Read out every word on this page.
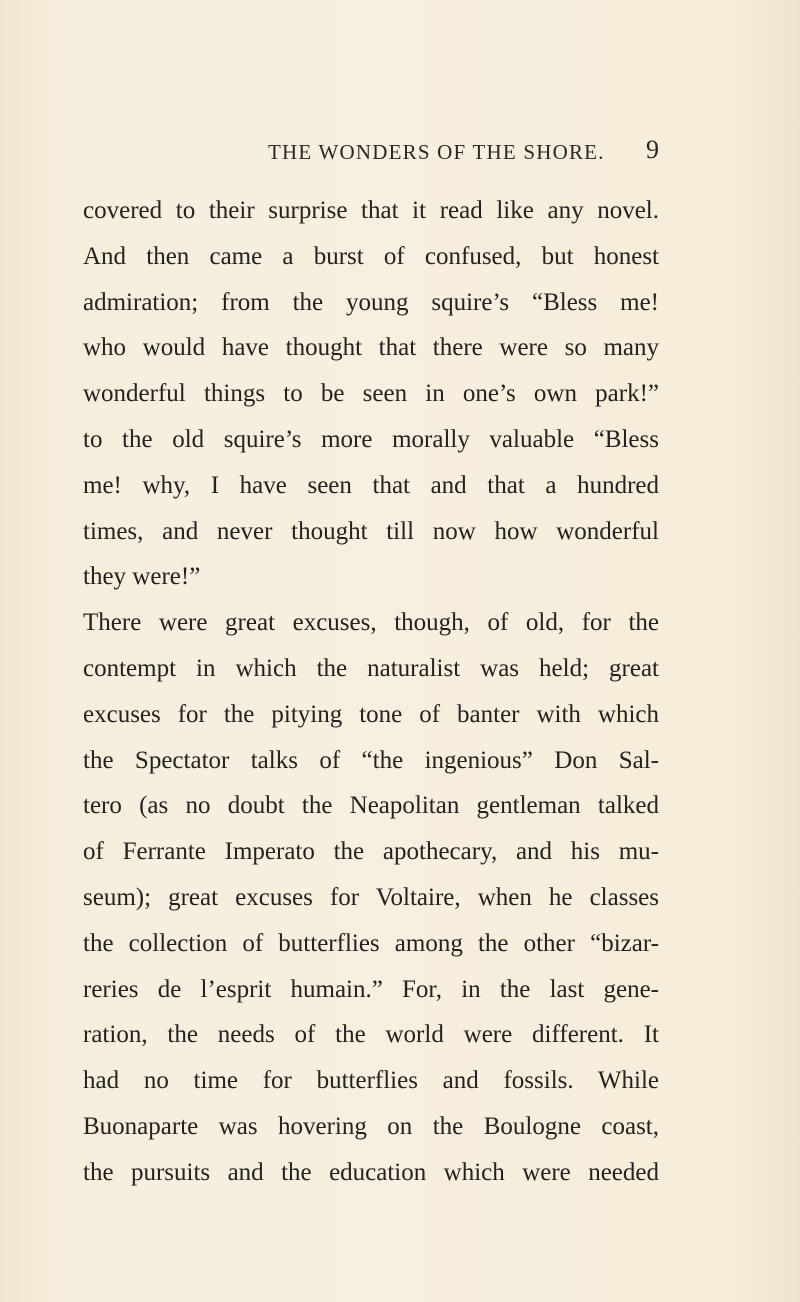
THE WONDERS OF THE SHORE. 9
covered to their surprise that it read like any novel.
And then came a burst of confused, but honest
admiration; from the young squire’s “Bless me!
who would have thought that there were so many
wonderful things to be seen in one’s own park!”
to the old squire’s more morally valuable “Bless
me! why, I have seen that and that a hundred
times, and never thought till now how wonderful
they were!”
There were great excuses, though, of old, for the
contempt in which the naturalist was held; great
excuses for the pitying tone of banter with which
the Spectator talks of “the ingenious” Don Sal-
tero (as no doubt the Neapolitan gentleman talked
of Ferrante Imperato the apothecary, and his mu-
seum); great excuses for Voltaire, when he classes
the collection of butterflies among the other “bizar-
reries de l’esprit humain.” For, in the last gene-
ration, the needs of the world were different. It
had no time for butterflies and fossils. While
Buonaparte was hovering on the Boulogne coast,
the pursuits and the education which were needed
